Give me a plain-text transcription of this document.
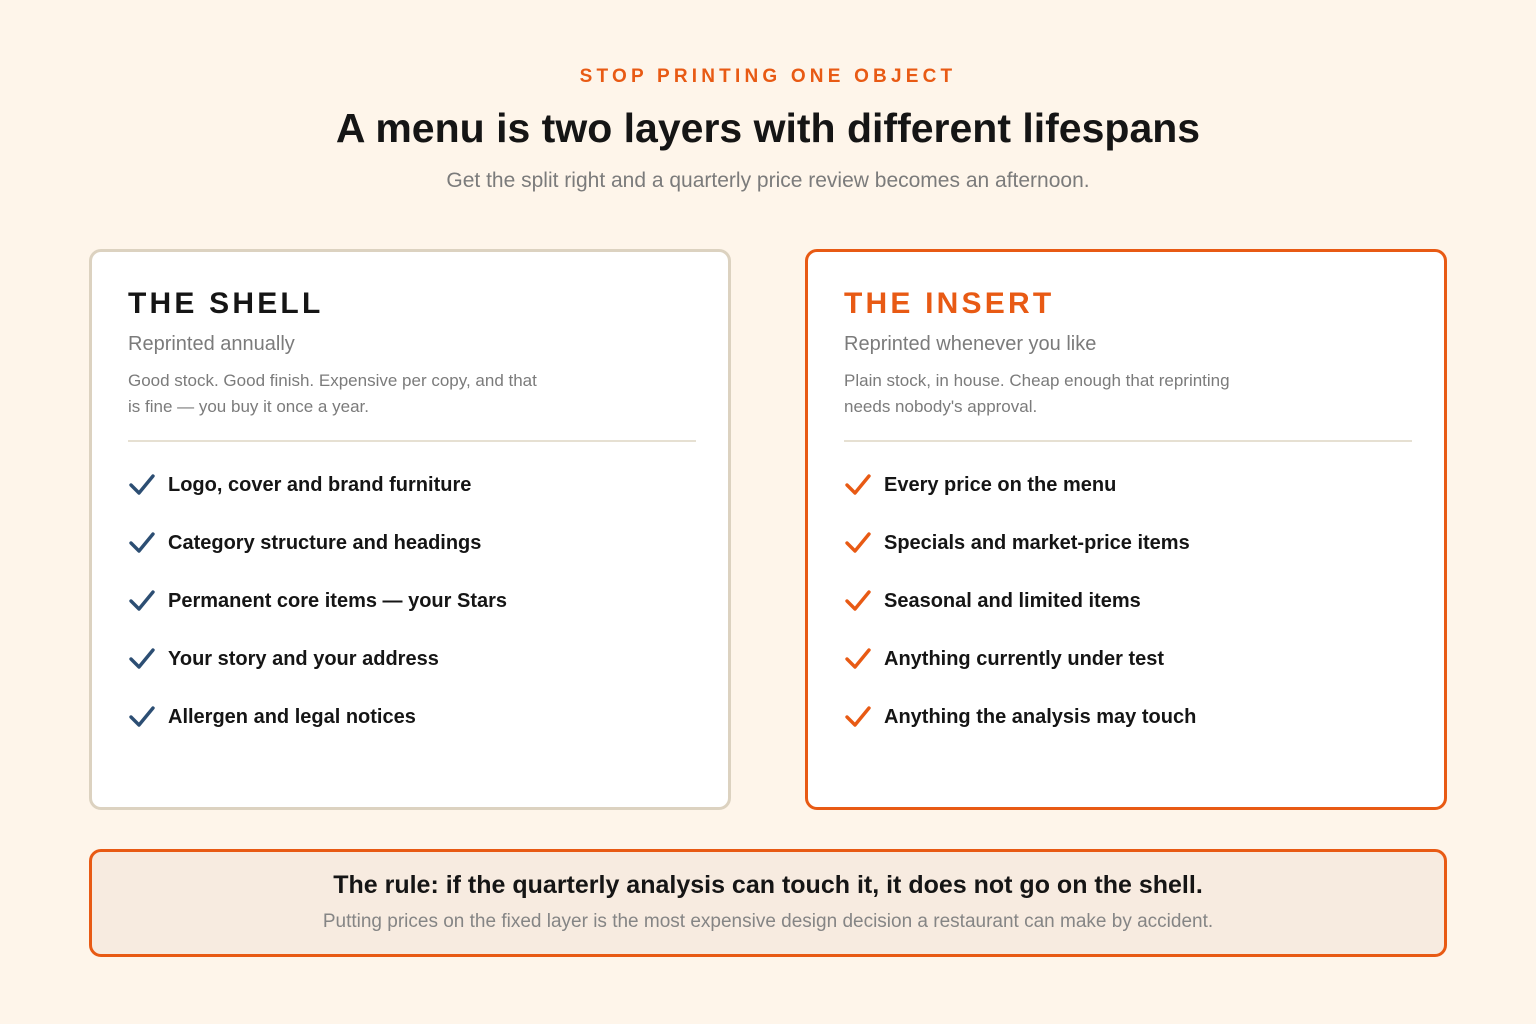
STOP PRINTING ONE OBJECT
A menu is two layers with different lifespans

Get the split right and a quarterly price review becomes an afternoon.

THE SHELL
Reprinted annually

Good stock. Good finish. Expensive per copy, and that is fine — you buy it once a year.

Logo, cover and brand furniture
Category structure and headings
Permanent core items — your Stars
Your story and your address
Allergen and legal notices
THE INSERT
Reprinted whenever you like

Plain stock, in house. Cheap enough that reprinting needs nobody's approval.

Every price on the menu
Specials and market-price items
Seasonal and limited items
Anything currently under test
Anything the analysis may touch
The rule: if the quarterly analysis can touch it, it does not go on the shell.
Putting prices on the fixed layer is the most expensive design decision a restaurant can make by accident.
